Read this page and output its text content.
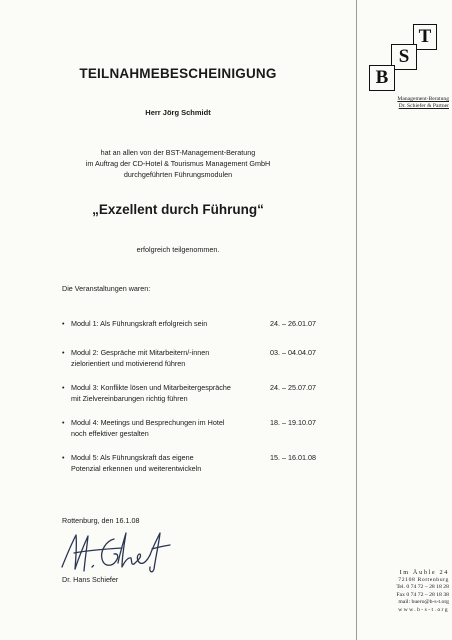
TEILNAHMEBESCHEINIGUNG
Herr Jörg Schmidt
hat an allen von der BST-Management-Beratung
im Auftrag der CD-Hotel & Tourismus Management GmbH
durchgeführten Führungsmodulen
„Exzellent durch Führung“
erfolgreich teilgenommen.
Die Veranstaltungen waren:
• Modul 1: Als Führungskraft erfolgreich sein	24. – 26.01.07
• Modul 2: Gespräche mit Mitarbeitern/-innen
zielorientiert und motivierend führen
03. – 04.04.07
• Modul 3: Konflikte lösen und Mitarbeitergespräche
mit Zielvereinbarungen richtig führen
24. – 25.07.07
• Modul 4: Meetings und Besprechungen im Hotel
noch effektiver gestalten
18. – 19.10.07
• Modul 5: Als Führungskraft das eigene
Potenzial erkennen und weiterentwickeln
15. – 16.01.08
Rottenburg, den 16.1.08
Dr. Hans Schiefer
T
S
B
Management-Beratung
Dr. Schiefer & Partner
Im Äuble 24
72108 Rottenburg
Tel. 0 74 72 – 28 18 28
Fax 0 74 72 – 28 18 38
mail: buero@b-s-t.org
www.b-s-t.org
